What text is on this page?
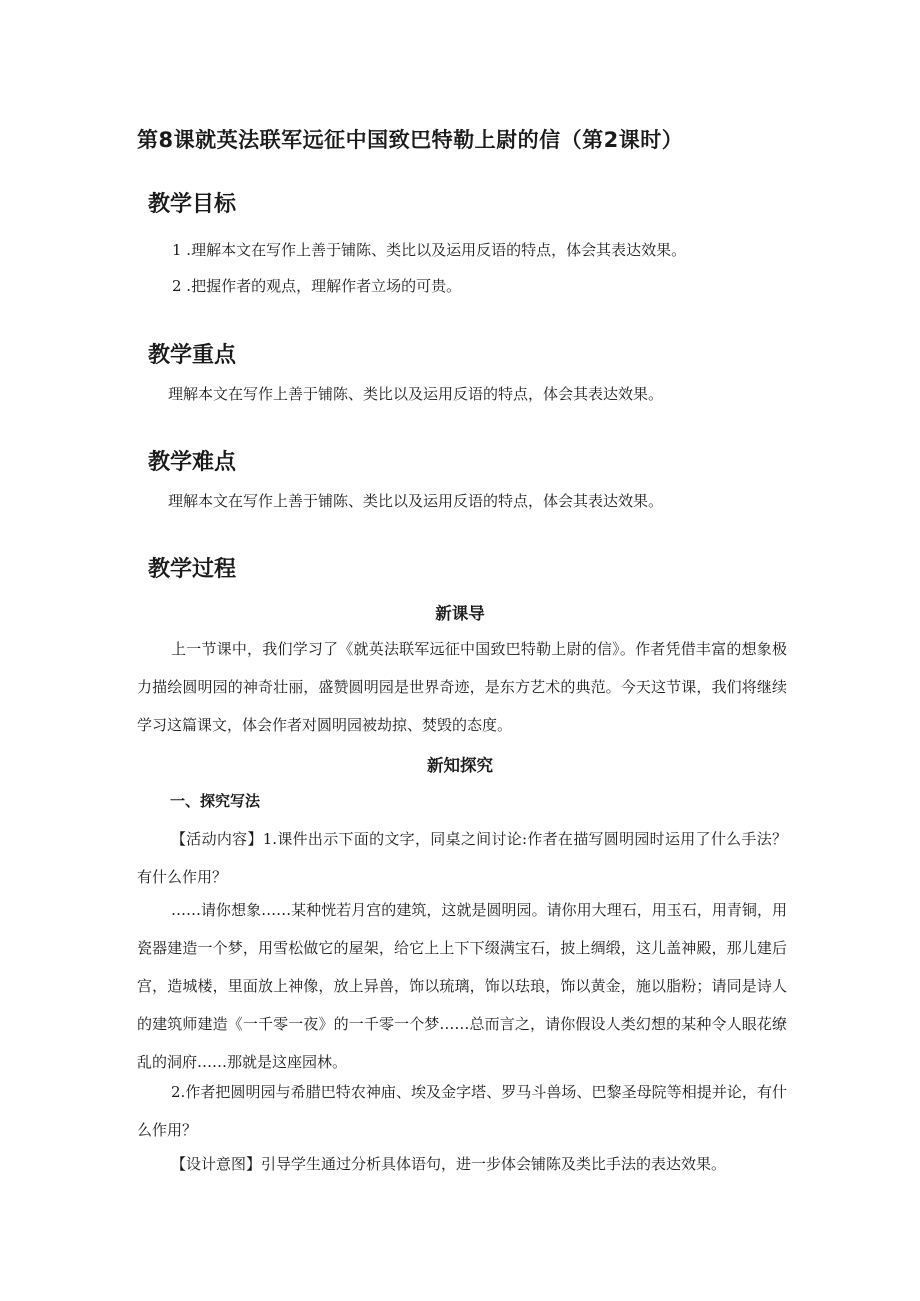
第8课就英法联军远征中国致巴特勒上尉的信（第2课时）
教学目标

1 .理解本文在写作上善于铺陈、类比以及运用反语的特点，体会其表达效果。

2 .把握作者的观点，理解作者立场的可贵。

教学重点

理解本文在写作上善于铺陈、类比以及运用反语的特点，体会其表达效果。

教学难点

理解本文在写作上善于铺陈、类比以及运用反语的特点，体会其表达效果。

教学过程
新课导

上一节课中，我们学习了《就英法联军远征中国致巴特勒上尉的信》。作者凭借丰富的想象极力描绘圆明园的神奇壮丽，盛赞圆明园是世界奇迹，是东方艺术的典范。今天这节课，我们将继续学习这篇课文，体会作者对圆明园被劫掠、焚毁的态度。

新知探究

一、探究写法

【活动内容】1.课件出示下面的文字，同桌之间讨论:作者在描写圆明园时运用了什么手法？有什么作用？

……请你想象……某种恍若月宫的建筑，这就是圆明园。请你用大理石，用玉石，用青铜，用瓷器建造一个梦，用雪松做它的屋架，给它上上下下缀满宝石，披上绸缎，这儿盖神殿，那儿建后宫，造城楼，里面放上神像，放上异兽，饰以琉璃，饰以珐琅，饰以黄金，施以脂粉；请同是诗人的建筑师建造《一千零一夜》的一千零一个梦……总而言之，请你假设人类幻想的某种令人眼花缭乱的洞府……那就是这座园林。

2.作者把圆明园与希腊巴特农神庙、埃及金字塔、罗马斗兽场、巴黎圣母院等相提并论，有什么作用？

【设计意图】引导学生通过分析具体语句，进一步体会铺陈及类比手法的表达效果。
